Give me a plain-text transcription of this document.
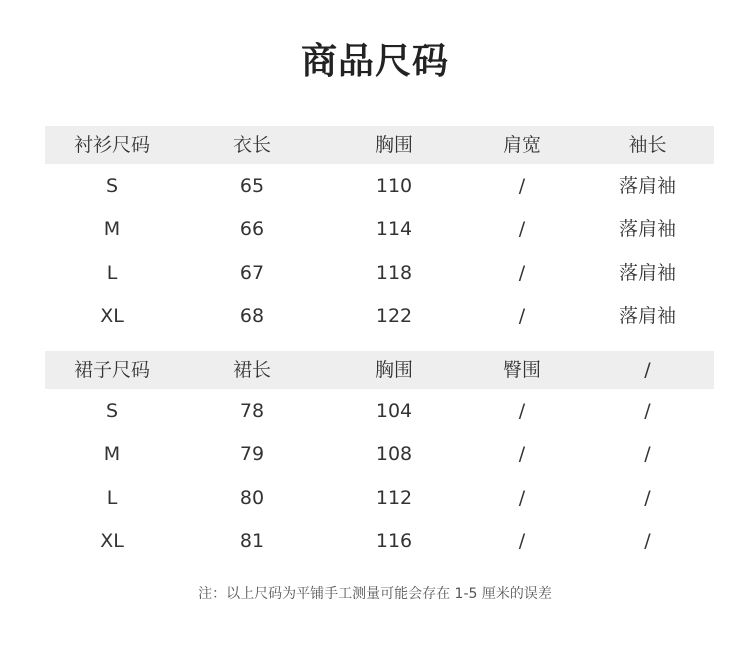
商品尺码
衬衫尺码	衣长	胸围	肩宽	袖长
S	65	110	/	落肩袖
M	66	114	/	落肩袖
L	67	118	/	落肩袖
XL	68	122	/	落肩袖
裙子尺码	裙长	胸围	臀围	/
S	78	104	/	/
M	79	108	/	/
L	80	112	/	/
XL	81	116	/	/
注：以上尺码为平铺手工测量可能会存在 1-5 厘米的误差
